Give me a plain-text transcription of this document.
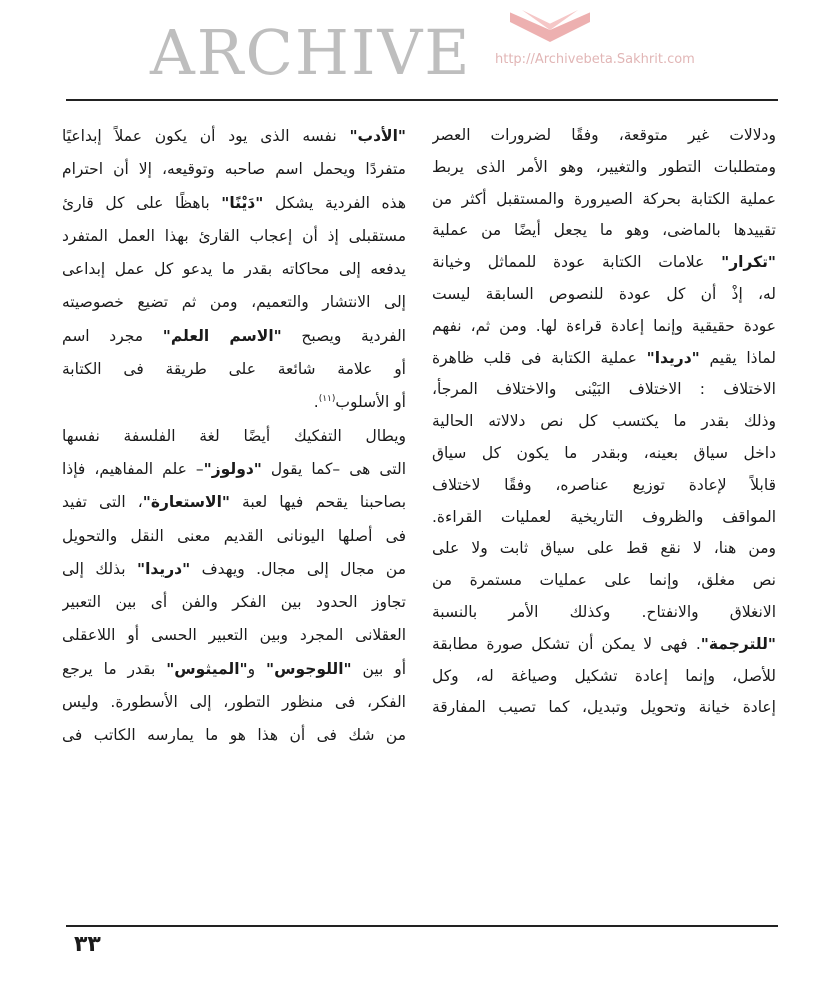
ودلالات غير متوقعة، وفقًا لضرورات العصر
ومتطلبات التطور والتغيير، وهو الأمر الذى يربط
عملية الكتابة بحركة الصيرورة والمستقبل أكثر من
تقييدها بالماضى، وهو ما يجعل أيضًا من عملية
"تكرار" علامات الكتابة عودة للمماثل وخيانة
له، إذْ أن كل عودة للنصوص السابقة ليست
عودة حقيقية وإنما إعادة قراءة لها. ومن ثم، نفهم
لماذا يقيم "دريدا" عملية الكتابة فى قلب ظاهرة
الاختلاف : الاختلاف البَيْنى والاختلاف المرجأ،
وذلك بقدر ما يكتسب كل نص دلالاته الحالية
داخل سياق بعينه، وبقدر ما يكون كل سياق
قابلاً لإعادة توزيع عناصره، وفقًا لاختلاف
المواقف والظروف التاريخية لعمليات القراءة.
ومن هنا، لا نقع قط على سياق ثابت ولا على
نص مغلق، وإنما على عمليات مستمرة من
الانغلاق والانفتاح. وكذلك الأمر بالنسبة
"للترجمة". فهى لا يمكن أن تشكل صورة مطابقة
للأصل، وإنما إعادة تشكيل وصياغة له، وكل
إعادة خيانة وتحويل وتبديل، كما تصيب المفارقة
"الأدب" نفسه الذى يود أن يكون عملاً إبداعيًا
متفردًا ويحمل اسم صاحبه وتوقيعه، إلا أن احترام
هذه الفردية يشكل "دَيْنًا" باهظًا على كل قارئ
مستقبلى إذ أن إعجاب القارئ بهذا العمل المتفرد
يدفعه إلى محاكاته بقدر ما يدعو كل عمل إبداعى
إلى الانتشار والتعميم، ومن ثم تضيع خصوصيته
الفردية ويصبح "الاسم العلم" مجرد اسم
أو علامة شائعة على طريقة فى الكتابة
أو الأسلوب$^{(١١)}$.
ويطال التفكيك أيضًا لغة الفلسفة نفسها
التى هى –كما يقول "دولوز"– علم المفاهيم، فإذا
بصاحبنا يقحم فيها لعبة "الاستعارة"، التى تفيد
فى أصلها اليونانى القديم معنى النقل والتحويل
من مجال إلى مجال. ويهدف "دريدا" بذلك إلى
تجاوز الحدود بين الفكر والفن أى بين التعبير
العقلانى المجرد وبين التعبير الحسى أو اللاعقلى
أو بين "اللوجوس" و"الميثوس" بقدر ما يرجع
الفكر، فى منظور التطور، إلى الأسطورة. وليس
من شك فى أن هذا هو ما يمارسه الكاتب فى
ARCHIVE http://Archivebeta.Sakhrit.com
٣٣
